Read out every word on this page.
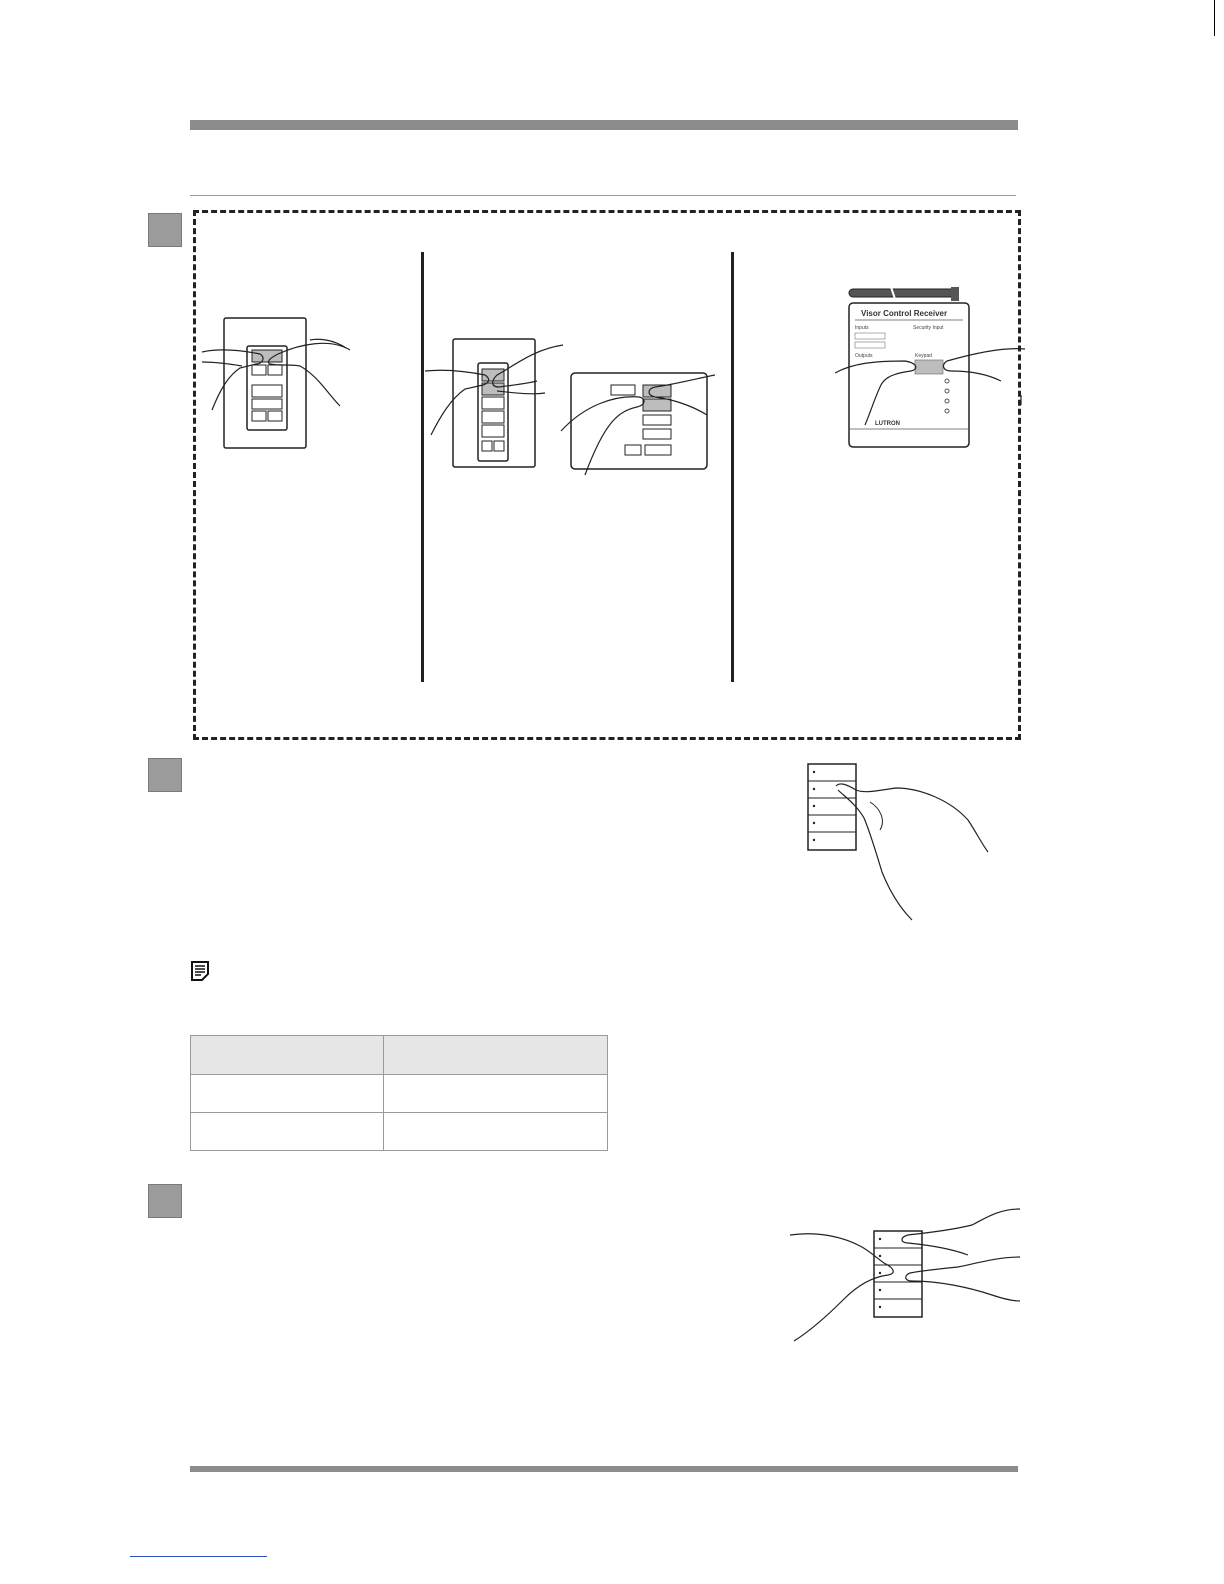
Visor Control Receiver
Inputs	Security Input
Outputs	Keypad
LUTRON
